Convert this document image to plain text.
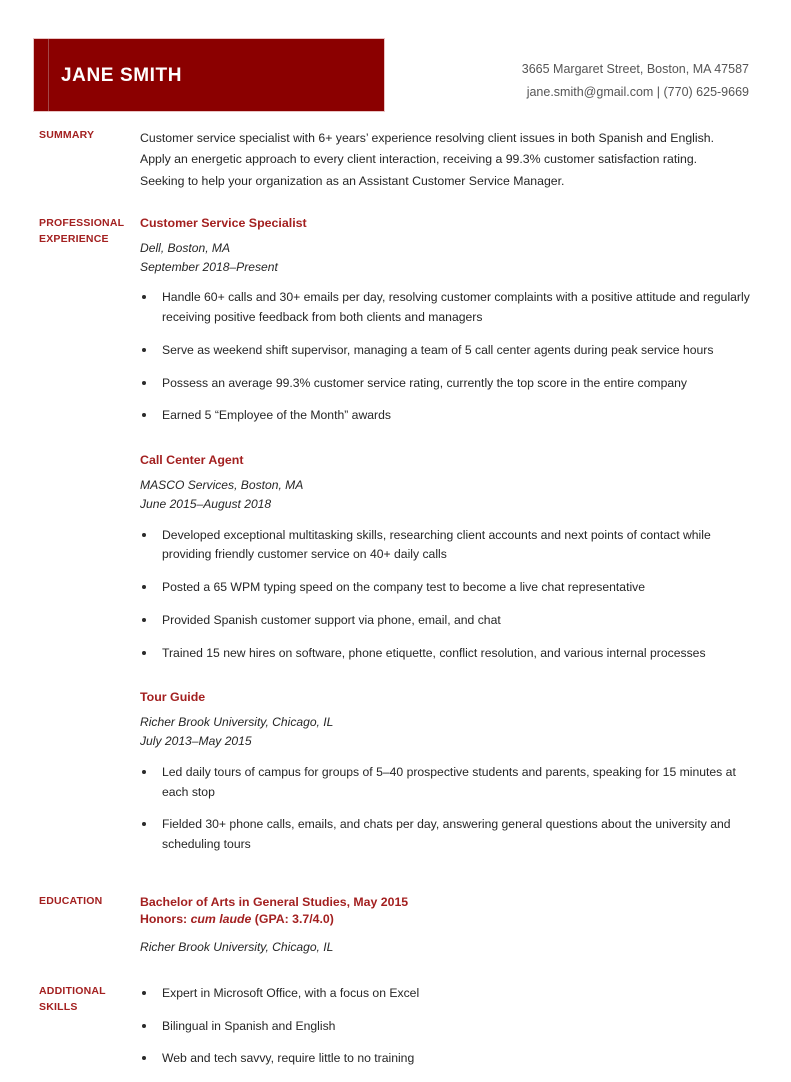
JANE SMITH	3665 Margaret Street, Boston, MA 47587
jane.smith@gmail.com | (770) 625-9669
SUMMARY	Customer service specialist with 6+ years’ experience resolving client issues in both Spanish and English.
Apply an energetic approach to every client interaction, receiving a 99.3% customer satisfaction rating.
Seeking to help your organization as an Assistant Customer Service Manager.
PROFESSIONAL
EXPERIENCE
Customer Service Specialist
Dell, Boston, MA
September 2018–Present
Handle 60+ calls and 30+ emails per day, resolving customer complaints with a positive attitude and regularly receiving positive feedback from both clients and managers
Serve as weekend shift supervisor, managing a team of 5 call center agents during peak service hours
Possess an average 99.3% customer service rating, currently the top score in the entire company
Earned 5 “Employee of the Month” awards
Call Center Agent
MASCO Services, Boston, MA
June 2015–August 2018
Developed exceptional multitasking skills, researching client accounts and next points of contact while providing friendly customer service on 40+ daily calls
Posted a 65 WPM typing speed on the company test to become a live chat representative
Provided Spanish customer support via phone, email, and chat
Trained 15 new hires on software, phone etiquette, conflict resolution, and various internal processes
Tour Guide
Richer Brook University, Chicago, IL
July 2013–May 2015
Led daily tours of campus for groups of 5–40 prospective students and parents, speaking for 15 minutes at each stop
Fielded 30+ phone calls, emails, and chats per day, answering general questions about the university and scheduling tours
EDUCATION	Bachelor of Arts in General Studies, May 2015
Honors: cum laude (GPA: 3.7/4.0)
Richer Brook University, Chicago, IL
ADDITIONAL
SKILLS
Expert in Microsoft Office, with a focus on Excel
Bilingual in Spanish and English
Web and tech savvy, require little to no training
